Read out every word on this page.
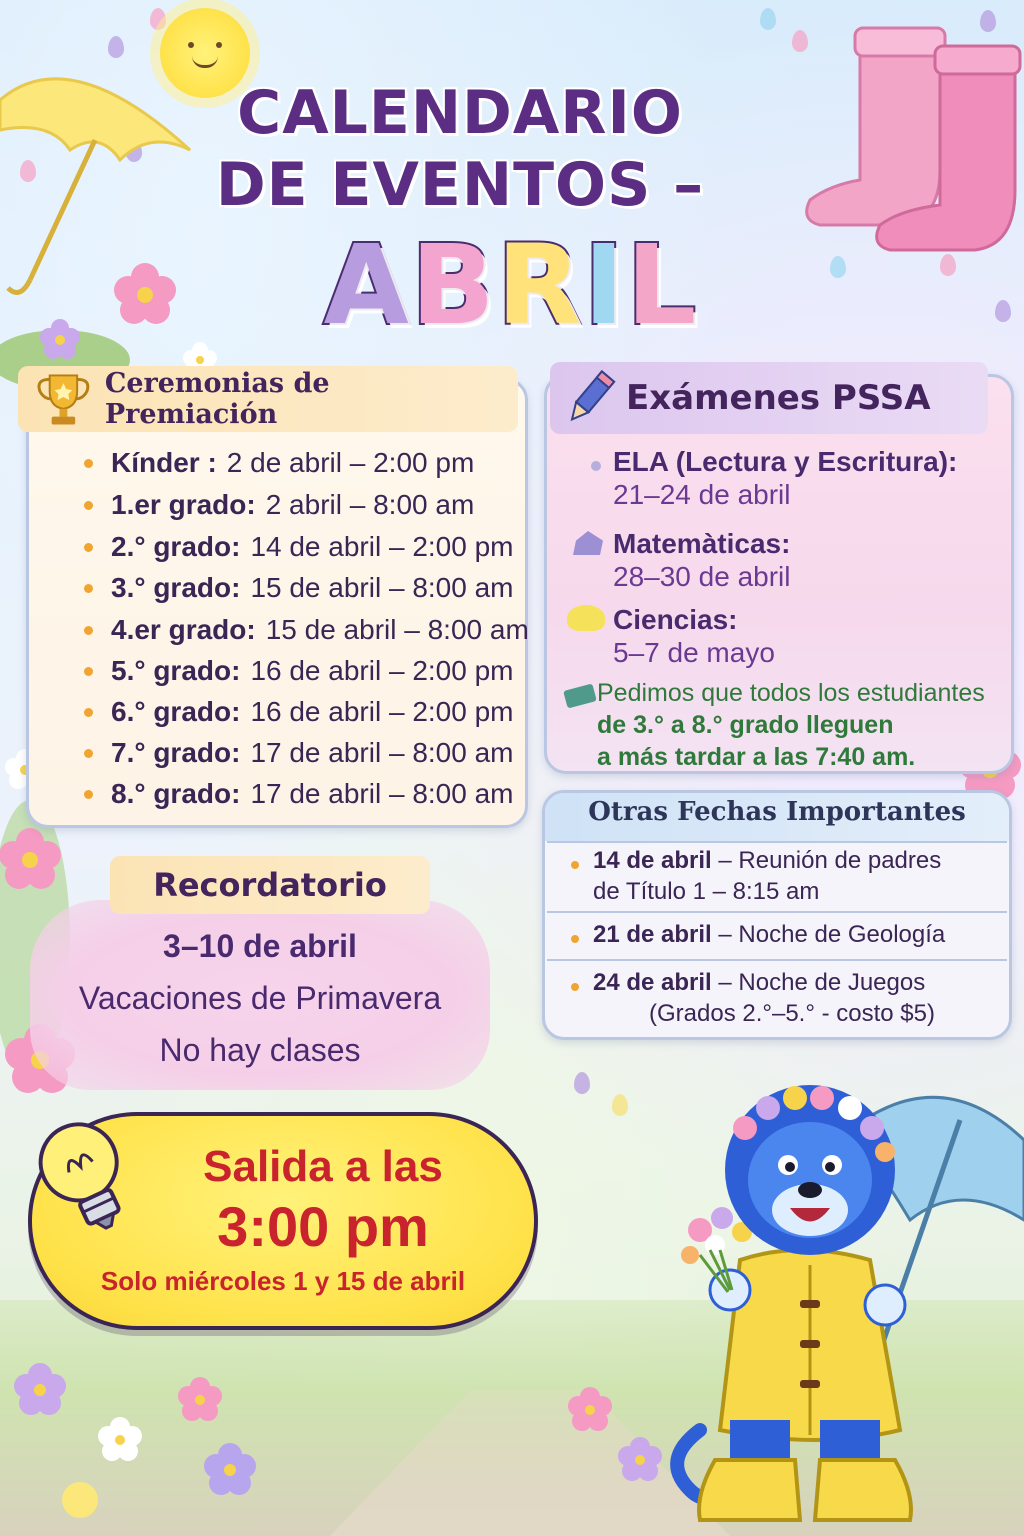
CALENDARIO
DE EVENTOS –
A B R I L
Kínder : 2 de abril – 2:00 pm
1.er grado: 2 abril – 8:00 am
2.° grado: 14 de abril – 2:00 pm
3.° grado: 15 de abril – 8:00 am
4.er grado: 15 de abril – 8:00 am
5.° grado: 16 de abril – 2:00 pm
6.° grado: 16 de abril – 2:00 pm
7.° grado: 17 de abril – 8:00 am
8.° grado: 17 de abril – 8:00 am
Ceremonias de Premiación
ELA (Lectura y Escritura):
21–24 de abril
Matemàticas:
28–30 de abril
Ciencias:
5–7 de mayo
Pedimos que todos los estudiantes
de 3.° a 8.° grado lleguen
a más tardar a las 7:40 am.
Exámenes PSSA
Otras Fechas Importantes
14 de abril – Reunión de padres
de Título 1 – 8:15 am
21 de abril – Noche de Geología
24 de abril – Noche de Juegos
(Grados 2.°–5.° - costo $5)
3–10 de abril
Vacaciones de Primavera
No hay clases
Recordatorio
Salida a las
3:00 pm
Solo miércoles 1 y 15 de abril
